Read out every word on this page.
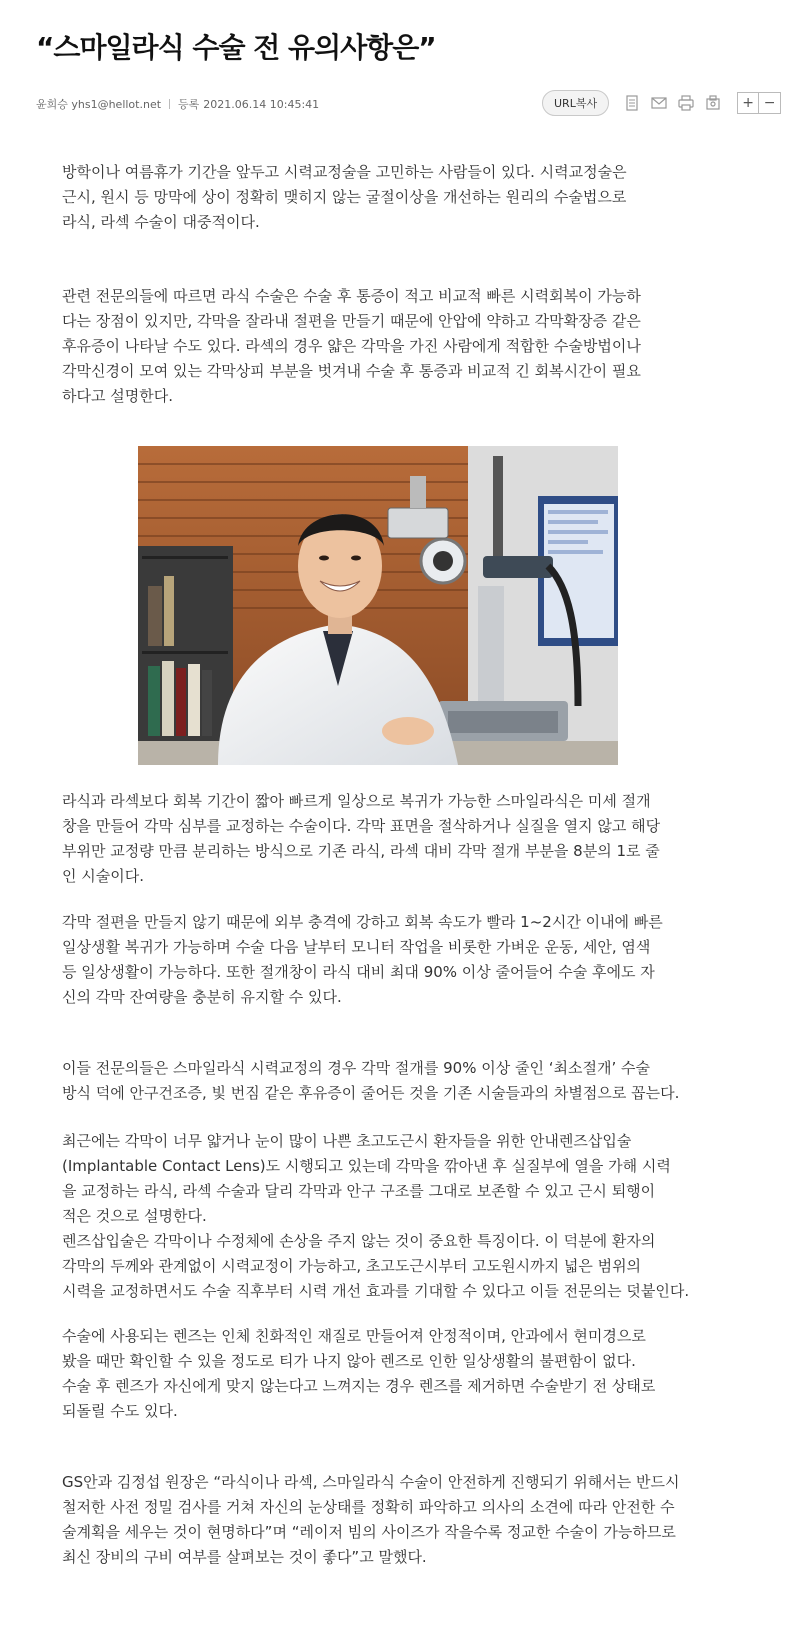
“스마일라식 수술 전 유의사항은”
윤희승 yhs1@hellot.net 등록 2021.06.14 10:45:41	URL복사	+ −
방학이나 여름휴가 기간을 앞두고 시력교정술을 고민하는 사람들이 있다. 시력교정술은
근시, 원시 등 망막에 상이 정확히 맺히지 않는 굴절이상을 개선하는 원리의 수술법으로
라식, 라섹 수술이 대중적이다.
관련 전문의들에 따르면 라식 수술은 수술 후 통증이 적고 비교적 빠른 시력회복이 가능하
다는 장점이 있지만, 각막을 잘라내 절편을 만들기 때문에 안압에 약하고 각막확장증 같은
후유증이 나타날 수도 있다. 라섹의 경우 얇은 각막을 가진 사람에게 적합한 수술방법이나
각막신경이 모여 있는 각막상피 부분을 벗겨내 수술 후 통증과 비교적 긴 회복시간이 필요
하다고 설명한다.
라식과 라섹보다 회복 기간이 짧아 빠르게 일상으로 복귀가 가능한 스마일라식은 미세 절개
창을 만들어 각막 심부를 교정하는 수술이다. 각막 표면을 절삭하거나 실질을 열지 않고 해당
부위만 교정량 만큼 분리하는 방식으로 기존 라식, 라섹 대비 각막 절개 부분을 8분의 1로 줄
인 시술이다.
각막 절편을 만들지 않기 때문에 외부 충격에 강하고 회복 속도가 빨라 1~2시간 이내에 빠른
일상생활 복귀가 가능하며 수술 다음 날부터 모니터 작업을 비롯한 가벼운 운동, 세안, 염색
등 일상생활이 가능하다. 또한 절개창이 라식 대비 최대 90% 이상 줄어들어 수술 후에도 자
신의 각막 잔여량을 충분히 유지할 수 있다.
이들 전문의들은 스마일라식 시력교정의 경우 각막 절개를 90% 이상 줄인 ‘최소절개’ 수술
방식 덕에 안구건조증, 빛 번짐 같은 후유증이 줄어든 것을 기존 시술들과의 차별점으로 꼽는다.
최근에는 각막이 너무 얇거나 눈이 많이 나쁜 초고도근시 환자들을 위한 안내렌즈삽입술
(Implantable Contact Lens)도 시행되고 있는데 각막을 깎아낸 후 실질부에 열을 가해 시력
을 교정하는 라식, 라섹 수술과 달리 각막과 안구 구조를 그대로 보존할 수 있고 근시 퇴행이
적은 것으로 설명한다.
렌즈삽입술은 각막이나 수정체에 손상을 주지 않는 것이 중요한 특징이다. 이 덕분에 환자의
각막의 두께와 관계없이 시력교정이 가능하고, 초고도근시부터 고도원시까지 넓은 범위의
시력을 교정하면서도 수술 직후부터 시력 개선 효과를 기대할 수 있다고 이들 전문의는 덧붙인다.
수술에 사용되는 렌즈는 인체 친화적인 재질로 만들어져 안정적이며, 안과에서 현미경으로
봤을 때만 확인할 수 있을 정도로 티가 나지 않아 렌즈로 인한 일상생활의 불편함이 없다.
수술 후 렌즈가 자신에게 맞지 않는다고 느껴지는 경우 렌즈를 제거하면 수술받기 전 상태로
되돌릴 수도 있다.
GS안과 김정섭 원장은 “라식이나 라섹, 스마일라식 수술이 안전하게 진행되기 위해서는 반드시
철저한 사전 정밀 검사를 거쳐 자신의 눈상태를 정확히 파악하고 의사의 소견에 따라 안전한 수
술계획을 세우는 것이 현명하다”며 “레이저 빔의 사이즈가 작을수록 정교한 수술이 가능하므로
최신 장비의 구비 여부를 살펴보는 것이 좋다”고 말했다.
